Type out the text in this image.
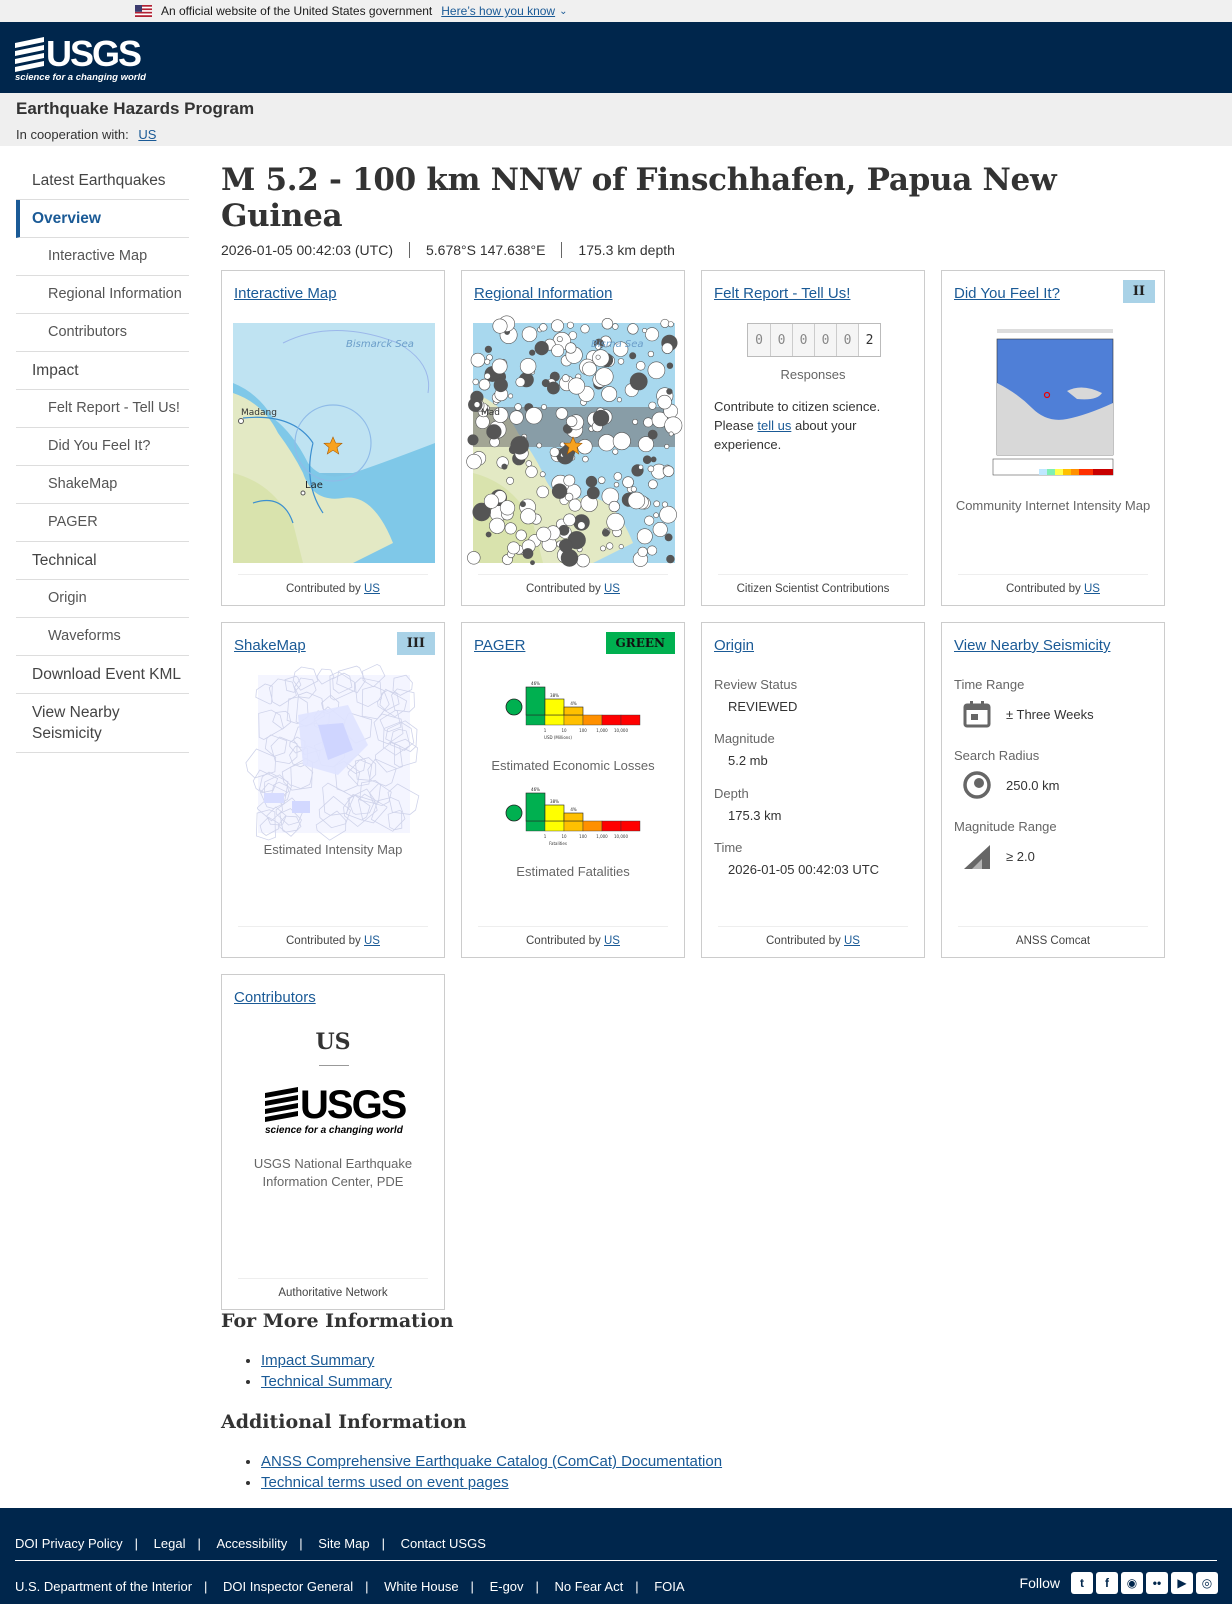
An official website of the United States government Here’s how you know ⌄
USGS
science for a changing world
Earthquake Hazards Program
In cooperation with: US
Latest Earthquakes
Overview
Interactive Map
Regional Information
Contributors
Impact
Felt Report - Tell Us!
Did You Feel It?
ShakeMap
PAGER
Technical
Origin
Waveforms
Download Event KML
View Nearby Seismicity
M 5.2 - 100 km NNW of Finschhafen, Papua New Guinea
2026-01-05 00:42:03 (UTC)	5.678°S 147.638°E	175.3 km depth
Interactive Map
Bismarck Sea
Madang
Lae
Contributed by US
Regional Information
Bisma Sea
Mad
Contributed by US
Felt Report - Tell Us!
0	0	0	0	0	2
Responses
Contribute to citizen science. Please tell us about your experience.
Citizen Scientist Contributions
Did You Feel It?	II
Community Internet Intensity Map
Contributed by US
ShakeMap	III
Estimated Intensity Map
Contributed by US
PAGER	GREEN
46%
1
38%
10
4%
100 1,000 10,000
USD (Millions)
Estimated Economic Losses
46%
1
38%
10
4%
100 1,000 10,000
Fatalities
Estimated Fatalities
Contributed by US
Origin
Review Status
REVIEWED
Magnitude
5.2 mb
Depth
175.3 km
Time
2026-01-05 00:42:03 UTC
Contributed by US
View Nearby Seismicity
Time Range
± Three Weeks
Search Radius
250.0 km
Magnitude Range
≥ 2.0
ANSS Comcat
Contributors
US
USGS
science for a changing world
USGS National Earthquake Information Center, PDE
Authoritative Network
For More Information
• Impact Summary
• Technical Summary
Additional Information
• ANSS Comprehensive Earthquake Catalog (ComCat) Documentation
• Technical terms used on event pages
DOI Privacy Policy | Legal | Accessibility | Site Map | Contact USGS
U.S. Department of the Interior | DOI Inspector General | White House | E-gov | No Fear Act | FOIA	Follow	t	f	◉	••	▶	◎
